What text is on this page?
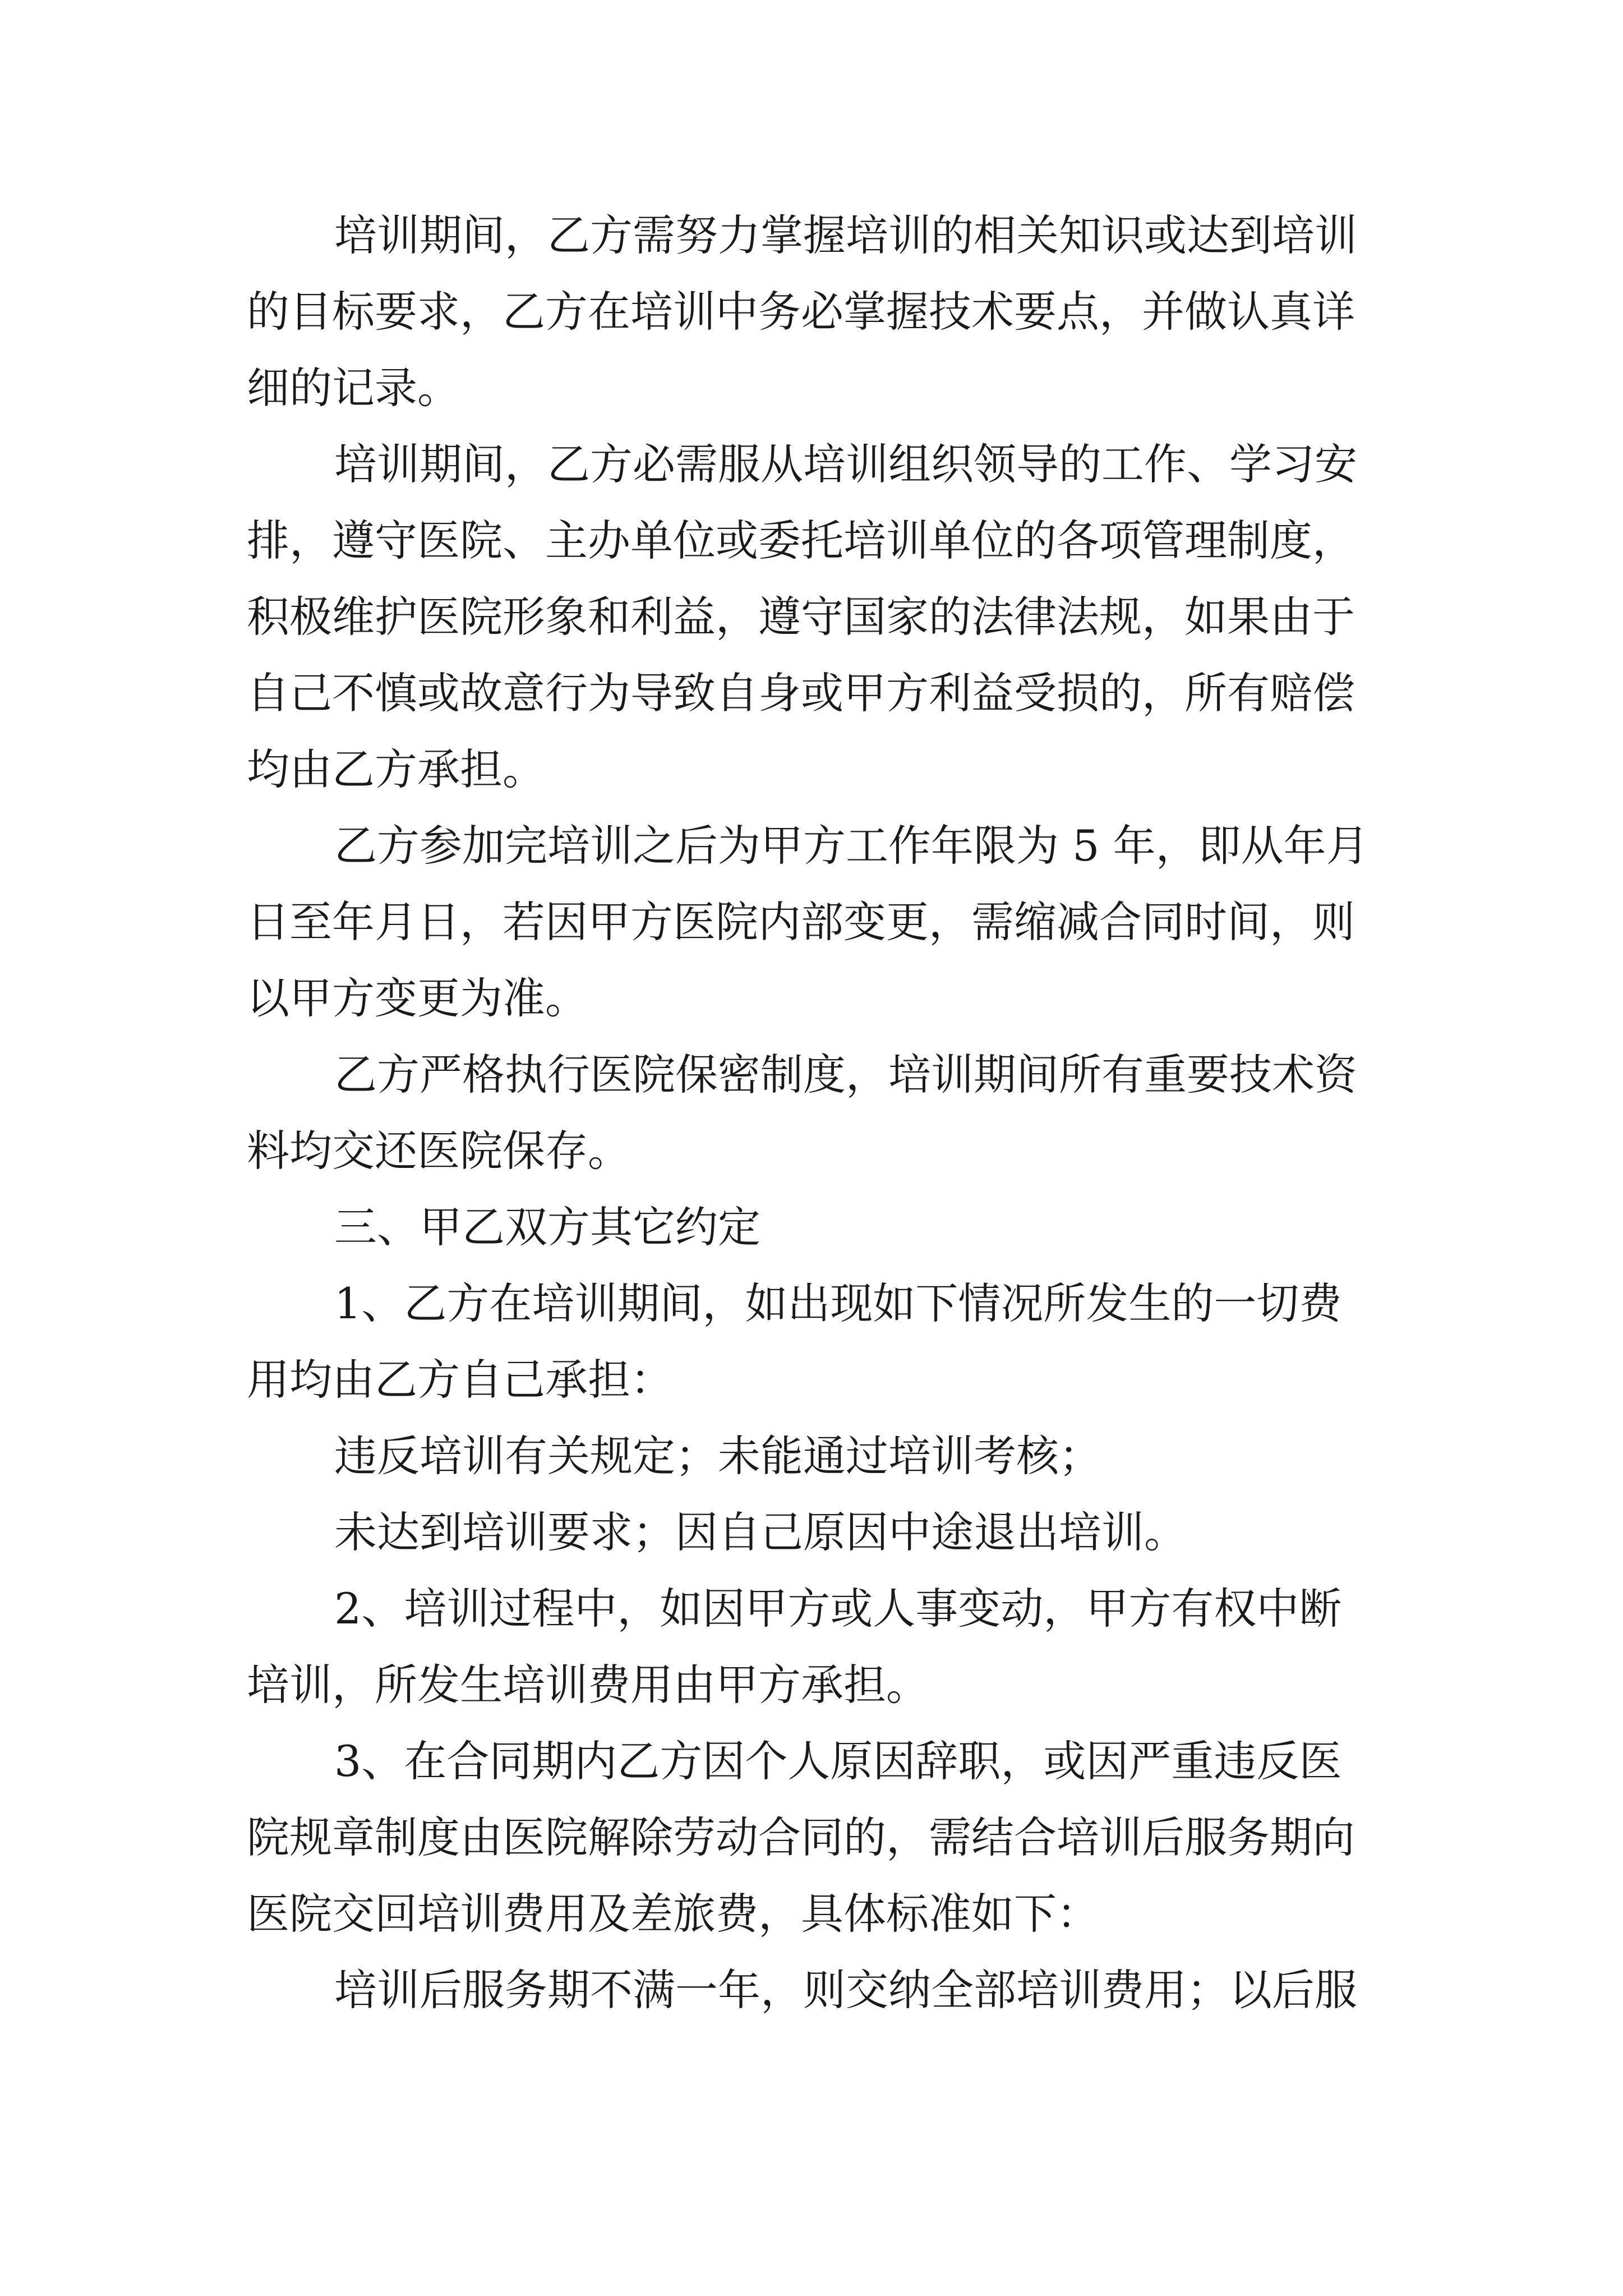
培训期间，乙方需努力掌握培训的相关知识或达到培训
的目标要求，乙方在培训中务必掌握技术要点，并做认真详
细的记录。
培训期间，乙方必需服从培训组织领导的工作、学习安
排，遵守医院、主办单位或委托培训单位的各项管理制度，
积极维护医院形象和利益，遵守国家的法律法规，如果由于
自己不慎或故意行为导致自身或甲方利益受损的，所有赔偿
均由乙方承担。
乙方参加完培训之后为甲方工作年限为 5 年，即从年月
日至年月日，若因甲方医院内部变更，需缩减合同时间，则
以甲方变更为准。
乙方严格执行医院保密制度，培训期间所有重要技术资
料均交还医院保存。
三、甲乙双方其它约定
1、乙方在培训期间，如出现如下情况所发生的一切费
用均由乙方自己承担：
违反培训有关规定；未能通过培训考核；
未达到培训要求；因自己原因中途退出培训。
2、培训过程中，如因甲方或人事变动，甲方有权中断
培训，所发生培训费用由甲方承担。
3、在合同期内乙方因个人原因辞职，或因严重违反医
院规章制度由医院解除劳动合同的，需结合培训后服务期向
医院交回培训费用及差旅费，具体标准如下：
培训后服务期不满一年，则交纳全部培训费用；以后服
